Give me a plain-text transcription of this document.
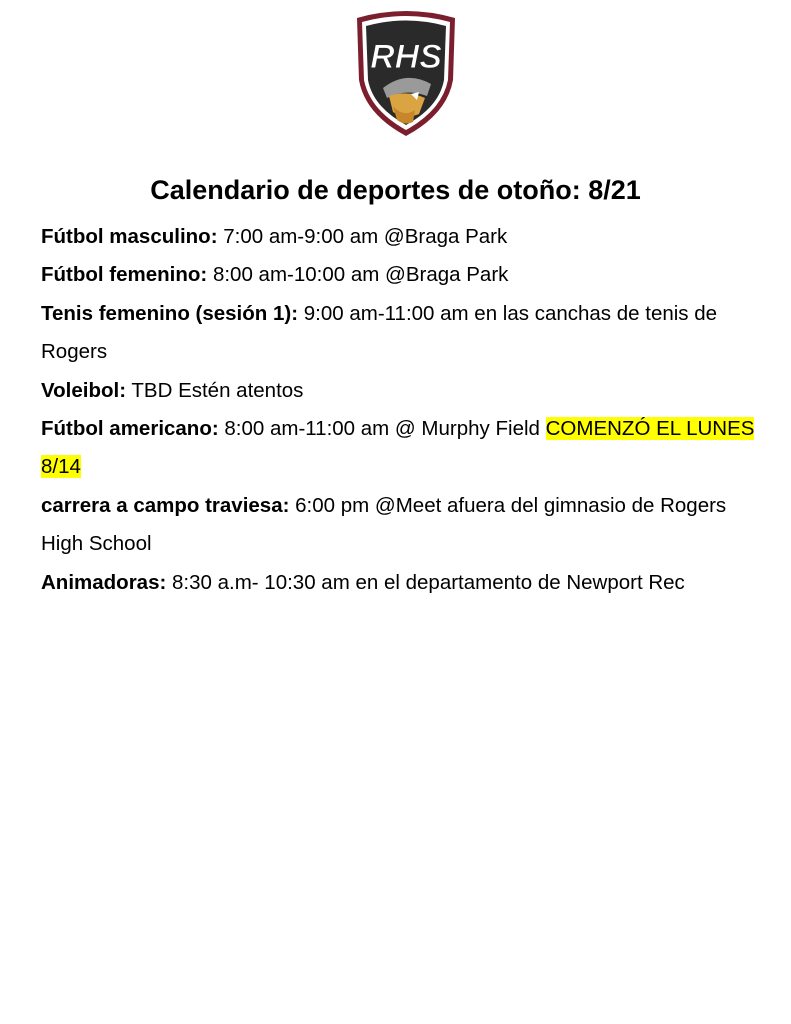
RHS
Calendario de deportes de otoño: 8/21
Fútbol masculino: 7:00 am-9:00 am @Braga Park
Fútbol femenino: 8:00 am-10:00 am @Braga Park
Tenis femenino (sesión 1): 9:00 am-11:00 am en las canchas de tenis de Rogers
Voleibol: TBD Estén atentos
Fútbol americano: 8:00 am-11:00 am @ Murphy Field COMENZÓ EL LUNES 8/14
carrera a campo traviesa: 6:00 pm @Meet afuera del gimnasio de Rogers High School
Animadoras: 8:30 a.m- 10:30 am en el departamento de Newport Rec
